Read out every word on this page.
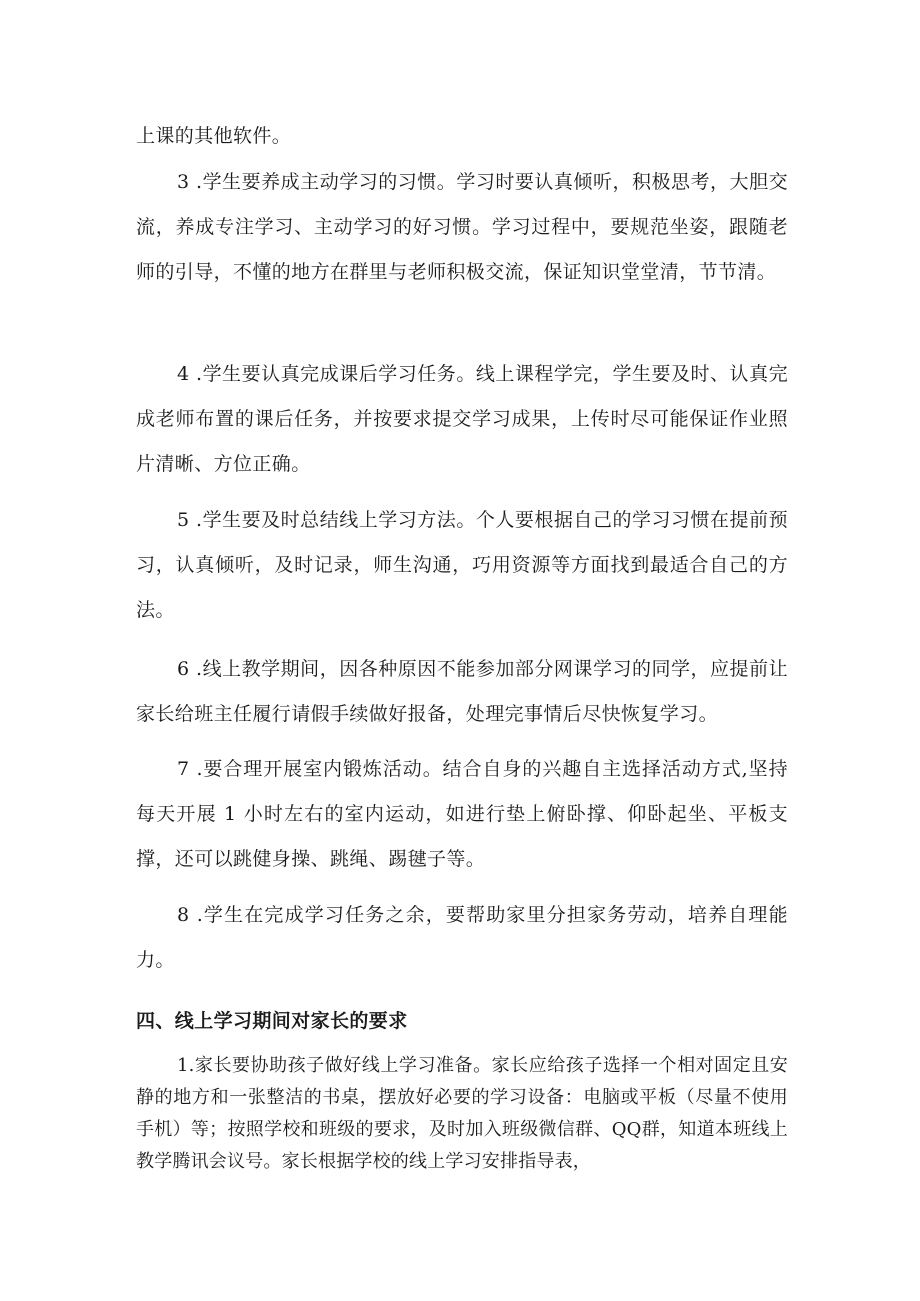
上课的其他软件。

3 .学生要养成主动学习的习惯。学习时要认真倾听，积极思考，大胆交流，养成专注学习、主动学习的好习惯。学习过程中，要规范坐姿，跟随老师的引导，不懂的地方在群里与老师积极交流，保证知识堂堂清，节节清。

4 .学生要认真完成课后学习任务。线上课程学完，学生要及时、认真完成老师布置的课后任务，并按要求提交学习成果，上传时尽可能保证作业照片清晰、方位正确。

5 .学生要及时总结线上学习方法。个人要根据自己的学习习惯在提前预习，认真倾听，及时记录，师生沟通，巧用资源等方面找到最适合自己的方法。

6 .线上教学期间，因各种原因不能参加部分网课学习的同学，应提前让家长给班主任履行请假手续做好报备，处理完事情后尽快恢复学习。

7 .要合理开展室内锻炼活动。结合自身的兴趣自主选择活动方式,坚持每天开展 1 小时左右的室内运动，如进行垫上俯卧撑、仰卧起坐、平板支撑，还可以跳健身操、跳绳、踢毽子等。

8 .学生在完成学习任务之余，要帮助家里分担家务劳动，培养自理能力。

四、线上学习期间对家长的要求

1.家长要协助孩子做好线上学习准备。家长应给孩子选择一个相对固定且安静的地方和一张整洁的书桌，摆放好必要的学习设备：电脑或平板（尽量不使用手机）等；按照学校和班级的要求，及时加入班级微信群、QQ群，知道本班线上教学腾讯会议号。家长根据学校的线上学习安排指导表，
